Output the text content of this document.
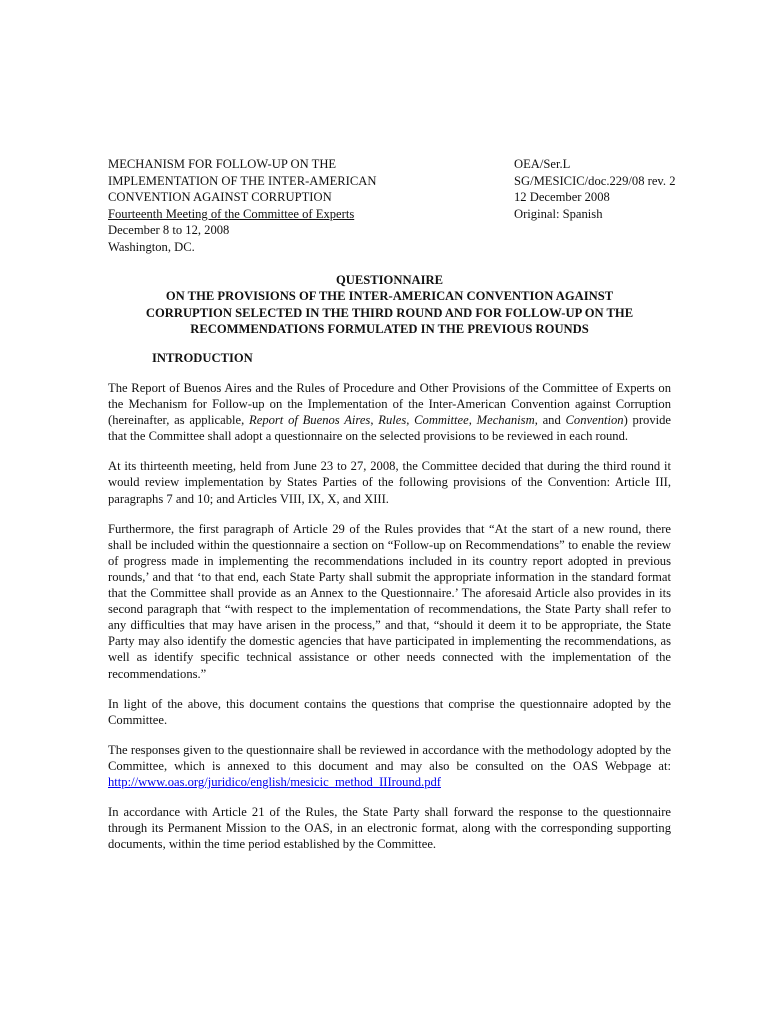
MECHANISM FOR FOLLOW-UP ON THE
IMPLEMENTATION OF THE INTER-AMERICAN
CONVENTION AGAINST CORRUPTION
Fourteenth Meeting of the Committee of Experts
December 8 to 12, 2008
Washington, DC.
OEA/Ser.L
SG/MESICIC/doc.229/08 rev. 2
12 December 2008
Original: Spanish
QUESTIONNAIRE
ON THE PROVISIONS OF THE INTER-AMERICAN CONVENTION AGAINST
CORRUPTION SELECTED IN THE THIRD ROUND AND FOR FOLLOW-UP ON THE
RECOMMENDATIONS FORMULATED IN THE PREVIOUS ROUNDS
INTRODUCTION

The Report of Buenos Aires and the Rules of Procedure and Other Provisions of the Committee of Experts on the Mechanism for Follow-up on the Implementation of the Inter-American Convention against Corruption (hereinafter, as applicable, Report of Buenos Aires, Rules, Committee, Mechanism, and Convention) provide that the Committee shall adopt a questionnaire on the selected provisions to be reviewed in each round.

At its thirteenth meeting, held from June 23 to 27, 2008, the Committee decided that during the third round it would review implementation by States Parties of the following provisions of the Convention: Article III, paragraphs 7 and 10; and Articles VIII, IX, X, and XIII.

Furthermore, the first paragraph of Article 29 of the Rules provides that “At the start of a new round, there shall be included within the questionnaire a section on “Follow-up on Recommendations” to enable the review of progress made in implementing the recommendations included in its country report adopted in previous rounds,’ and that ‘to that end, each State Party shall submit the appropriate information in the standard format that the Committee shall provide as an Annex to the Questionnaire.’ The aforesaid Article also provides in its second paragraph that “with respect to the implementation of recommendations, the State Party shall refer to any difficulties that may have arisen in the process,” and that, “should it deem it to be appropriate, the State Party may also identify the domestic agencies that have participated in implementing the recommendations, as well as identify specific technical assistance or other needs connected with the implementation of the recommendations.”

In light of the above, this document contains the questions that comprise the questionnaire adopted by the Committee.

The responses given to the questionnaire shall be reviewed in accordance with the methodology adopted by the Committee, which is annexed to this document and may also be consulted on the OAS Webpage at: http://www.oas.org/juridico/english/mesicic_method_IIIround.pdf

In accordance with Article 21 of the Rules, the State Party shall forward the response to the questionnaire through its Permanent Mission to the OAS, in an electronic format, along with the corresponding supporting documents, within the time period established by the Committee.
